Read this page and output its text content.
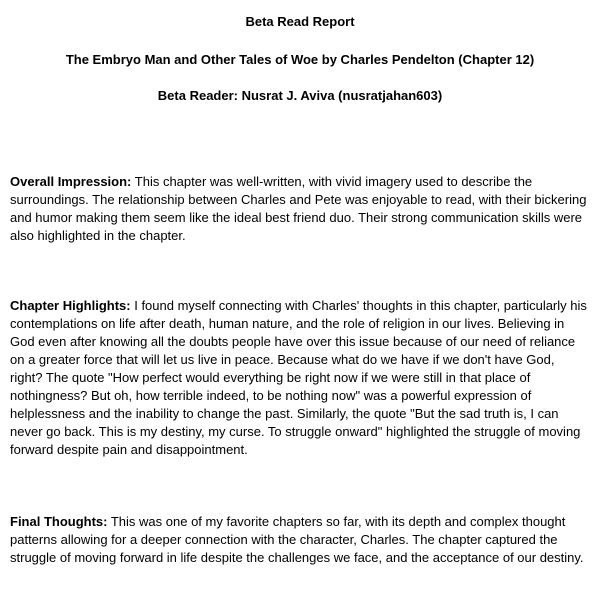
Beta Read Report
The Embryo Man and Other Tales of Woe by Charles Pendelton (Chapter 12)
Beta Reader: Nusrat J. Aviva (nusratjahan603)

Overall Impression: This chapter was well-written, with vivid imagery used to describe the surroundings. The relationship between Charles and Pete was enjoyable to read, with their bickering and humor making them seem like the ideal best friend duo. Their strong communication skills were also highlighted in the chapter.

Chapter Highlights: I found myself connecting with Charles' thoughts in this chapter, particularly his contemplations on life after death, human nature, and the role of religion in our lives. Believing in God even after knowing all the doubts people have over this issue because of our need of reliance on a greater force that will let us live in peace. Because what do we have if we don't have God, right? The quote "How perfect would everything be right now if we were still in that place of nothingness? But oh, how terrible indeed, to be nothing now" was a powerful expression of helplessness and the inability to change the past. Similarly, the quote "But the sad truth is, I can never go back. This is my destiny, my curse. To struggle onward" highlighted the struggle of moving forward despite pain and disappointment.

Final Thoughts: This was one of my favorite chapters so far, with its depth and complex thought patterns allowing for a deeper connection with the character, Charles. The chapter captured the struggle of moving forward in life despite the challenges we face, and the acceptance of our destiny.
